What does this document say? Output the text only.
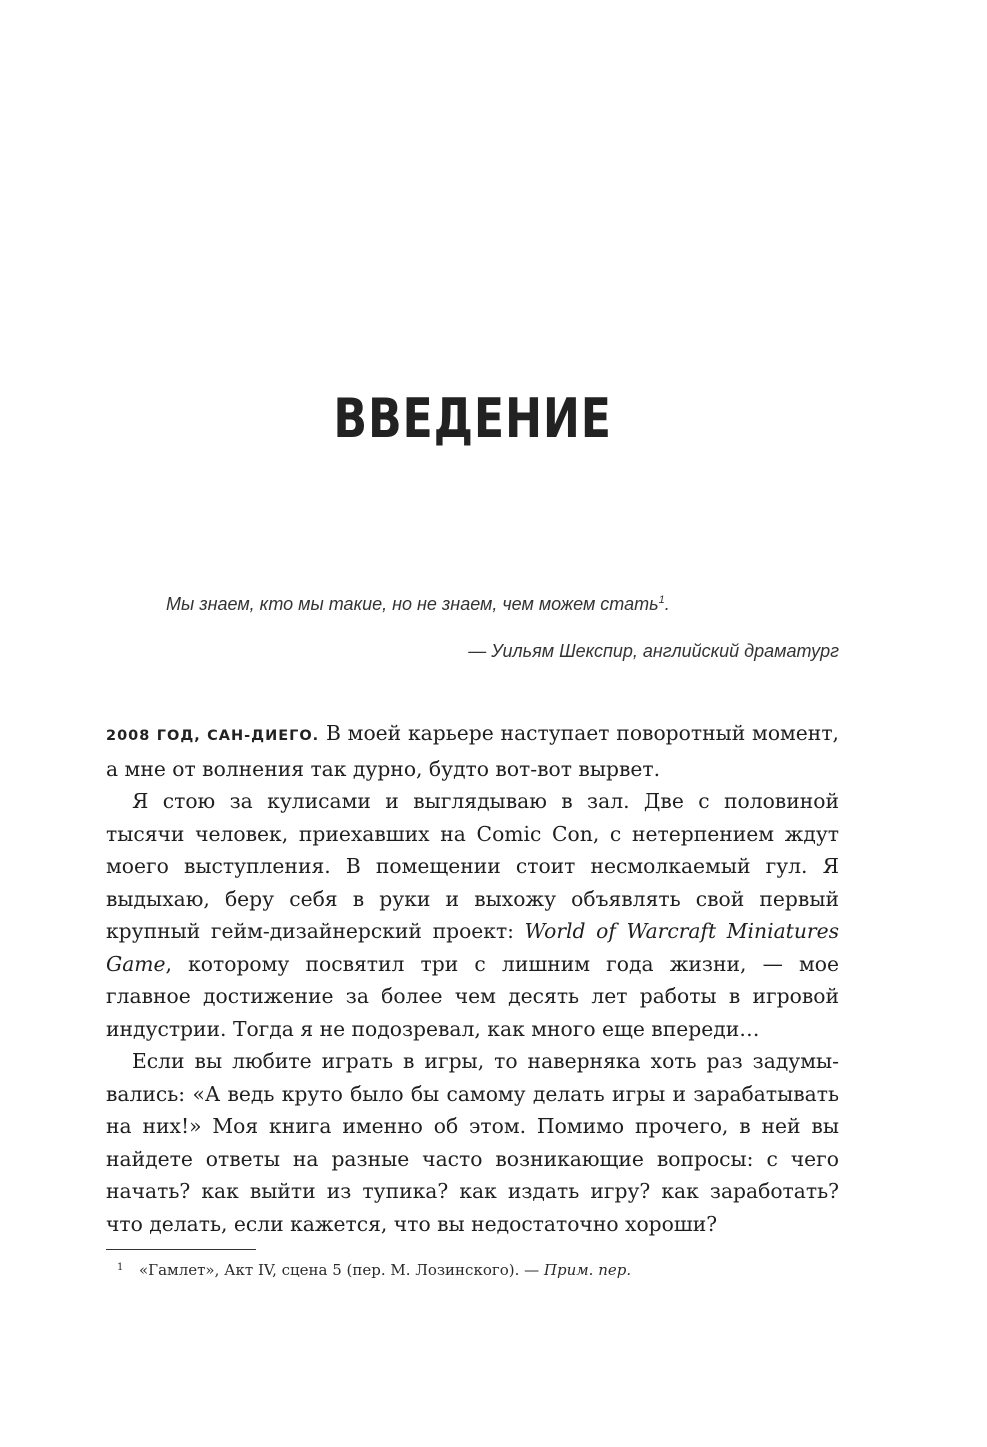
ВВЕДЕНИЕ

Мы знаем, кто мы такие, но не знаем, чем можем стать$^1$.

— Уильям Шекспир, английский драматург

2008 ГОД, САН-ДИЕГО. В моей карьере наступает поворотный момент, а мне от волнения так дурно, будто вот-вот вырвет.

Я стою за кулисами и выглядываю в зал. Две с половиной тысячи человек, приехавших на Comic Con, с нетерпением ждут моего выступления. В помещении стоит несмолкаемый гул. Я выдыхаю, беру себя в руки и выхожу объявлять свой первый крупный гейм-дизайнерский проект: World of Warcraft Miniatures Game, которому посвятил три с лишним года жизни, — мое главное достижение за более чем десять лет работы в игровой индустрии. Тогда я не подозревал, как много еще впереди…

Если вы любите играть в игры, то наверняка хоть раз задумывались: «А ведь круто было бы самому делать игры и зарабатывать на них!» Моя книга именно об этом. Помимо прочего, в ней вы найдете ответы на разные часто возникающие вопросы: с чего начать? как выйти из тупика? как издать игру? как заработать? что делать, если кажется, что вы недостаточно хороши?

1 «Гамлет», Акт IV, сцена 5 (пер. М. Лозинского). — Прим. пер.
